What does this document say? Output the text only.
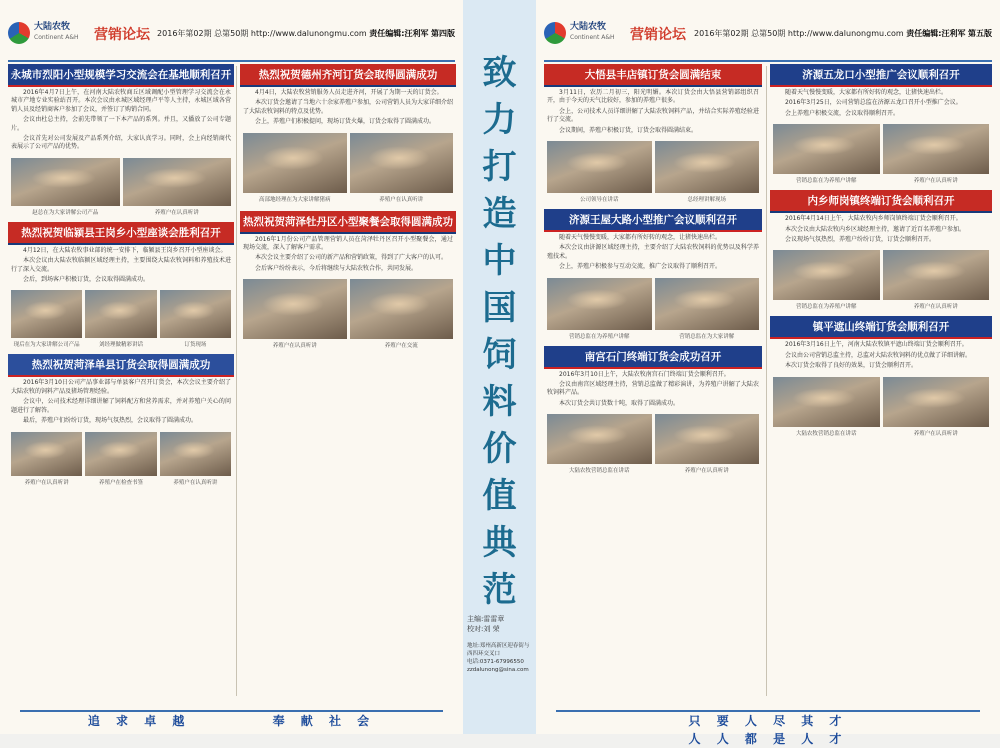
大陆农牧
Continent A&H 营销论坛 2016年第02期 总第50期 http://www.dalunongmu.com 责任编辑:汪利军 第四版
永城市烈阳小型规模学习交流会在基地顺利召开

2016年4月7日上午，在河南大陆农牧商丘区域调配小型管理学习交流会在永城市产地专业实验站召开。本次会议由永城区域经理卢平等人主持，永城区域各营销人员及经销商客户参加了会议，并签订了购销合同。

会议由杜总主持，会前先带领了一下本产品的系列。并且，又播放了公司专题片。

会议首先对公司发展及产品系列介绍，大家认真学习。同时，会上向经销商代表展示了公司产品的优势。

赵总在为大家讲解公司产品	养殖户在认真听讲
热烈祝贺临颍县王岗乡小型座谈会胜利召开

4月12日，在大陆农牧事业部的统一安排下，临颍县王岗乡召开小型座谈会。

本次会议由大陆农牧临颍区域经理主持，主要围绕大陆农牧饲料和养殖技术进行了深入交流。

会后，到场客户积极订货，会议取得圆满成功。

现后在为大家讲解公司产品	刘经理做精彩讲话	订货现场
热烈祝贺菏泽单县订货会取得圆满成功

2016年3月10日公司产品事业部与单县客户召开订货会，本次会议主要介绍了大陆农牧的饲料产品及猪场管理经验。

会议中，公司技术经理详细讲解了饲料配方和营养需求，并对养殖户关心的问题进行了解答。

最后，养殖户们纷纷订货，现场气氛热烈，会议取得了圆满成功。

养殖户在认真听讲	养殖户在检查书签	养殖户在认真听讲
热烈祝贺德州齐河订货会取得圆满成功

4月4日，大陆农牧营销服务人员走进齐河，开展了为期一天的订货会。

本次订货会邀请了当地六十余家养殖户参加，公司营销人员为大家详细介绍了大陆农牧饲料的特点及优势。

会上，养殖户们积极提问，现场订货火爆，订货会取得了圆满成功。

高部地经理在为大家讲解猪病	养殖户在认真听讲
热烈祝贺菏泽牡丹区小型聚餐会取得圆满成功

2016年1月份公司产品管理营销人员在菏泽牡丹区召开小型聚餐会，通过现场交流，深入了解客户需求。

本次会议主要介绍了公司的新产品和营销政策，得到了广大客户的认可。

会后客户纷纷表示，今后将继续与大陆农牧合作，共同发展。

养殖户在认真听讲	养殖户在交流
追 求 卓 越	奉 献 社 会
致
力
打
造
中
国
饲
料
价
值
典
范
主编:雷雷章
校对:刘 荣
地址:郑州高新区迎春街与西四环交叉口
电话:0371-67996550
zzdalunong@sina.com
大陆农牧
Continent A&H 营销论坛 2016年第02期 总第50期 http://www.dalunongmu.com 责任编辑:汪利军 第五版
大悟县丰店镇订货会圆满结束

3月11日，农历二月初三，阳光明媚。本次订货会由大悟县营销部组织召开，由于今天的天气比较好，参加的养殖户很多。

会上，公司技术人员详细讲解了大陆农牧饲料产品，并结合实际养殖经验进行了交流。

会议期间，养殖户积极订货，订货会取得圆满结束。

公司领导在讲话	总经理讲解现场
济源王屋大路小型推广会议顺利召开

随着天气慢慢变暖，大家都有所好转的观念，让猪快速出栏。

本次会议由济源区域经理主持，主要介绍了大陆农牧饲料的优势以及科学养殖技术。

会上，养殖户积极参与互动交流，推广会议取得了顺利召开。

营销总监在为养殖户讲解	营销总监在为大家讲解
南宫石门终端订货会成功召开

2016年3月10日上午，大陆农牧南宫石门终端订货会顺利召开。

会议由南宫区域经理主持，营销总监做了精彩演讲，为养殖户讲解了大陆农牧饲料产品。

本次订货会共订货数十吨，取得了圆满成功。

大陆农牧营销总监在讲话	养殖户在认真听讲
济源五龙口小型推广会议顺利召开

随着天气慢慢变暖，大家都有所好转的观念，让猪快速出栏。

2016年3月25日，公司营销总监在济源五龙口召开小型推广会议。

会上养殖户积极交流，会议取得顺利召开。

营销总监在为养殖户讲解	养殖户在认真听讲
内乡师岗镇终端订货会顺利召开

2016年4月14日上午，大陆农牧内乡师岗镇终端订货会顺利召开。

本次会议由大陆农牧内乡区域经理主持，邀请了近百名养殖户参加。

会议现场气氛热烈，养殖户纷纷订货，订货会顺利召开。

营销总监在为养殖户讲解	养殖户在认真听讲
镇平遮山终端订货会顺利召开

2016年3月16日上午，河南大陆农牧镇平遮山终端订货会顺利召开。

会议由公司营销总监主持，总监对大陆农牧饲料的优点做了详细讲解。

本次订货会取得了良好的效果，订货会顺利召开。

大陆农牧营销总监在讲话	养殖户在认真听讲
只 要 人 尽 其 才 人 人 都 是 人 才
